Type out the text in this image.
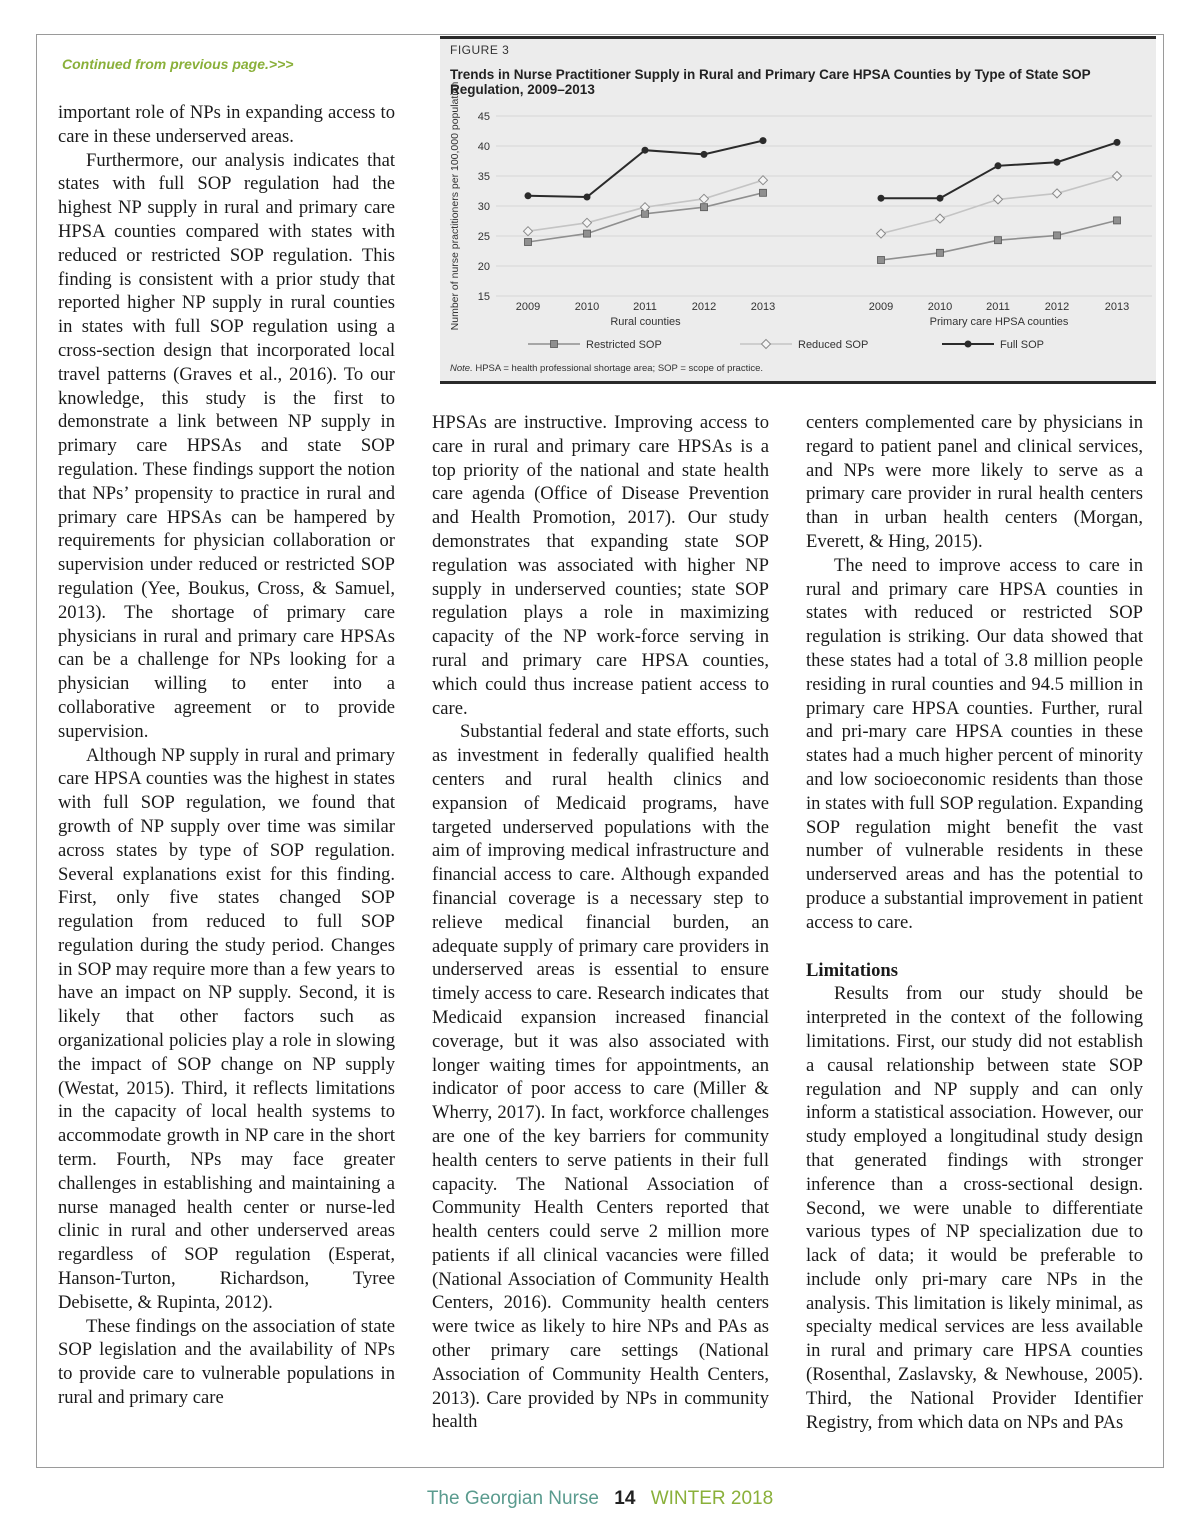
Continued from previous page.>>>

FIGURE 3
Trends in Nurse Practitioner Supply in Rural and Primary Care HPSA Counties by Type of State SOP Regulation, 2009–2013
15
20
25
30
35
40
45
Number of nurse practitioners per 100,000 population	2009	2010	2011	2012	2013
Rural counties
2009	2010	2011	2012	2013
Primary care HPSA counties
Restricted SOP	Reduced SOP	Full SOP
Note. HPSA = health professional shortage area; SOP = scope of practice.

important role of NPs in expanding access to care in these underserved areas.

Furthermore, our analysis indicates that states with full SOP regulation had the highest NP supply in rural and primary care HPSA counties compared with states with reduced or restricted SOP regulation. This finding is consistent with a prior study that reported higher NP supply in rural counties in states with full SOP regulation using a cross-section design that incorporated local travel patterns (Graves et al., 2016). To our knowledge, this study is the first to demonstrate a link between NP supply in primary care HPSAs and state SOP regulation. These findings support the notion that NPs’ propensity to practice in rural and primary care HPSAs can be hampered by requirements for physician collaboration or supervision under reduced or restricted SOP regulation (Yee, Boukus, Cross, & Samuel, 2013). The shortage of primary care physicians in rural and primary care HPSAs can be a challenge for NPs looking for a physician willing to enter into a collaborative agreement or to provide supervision.

Although NP supply in rural and primary care HPSA counties was the highest in states with full SOP regulation, we found that growth of NP supply over time was similar across states by type of SOP regulation. Several explanations exist for this finding. First, only five states changed SOP regulation from reduced to full SOP regulation during the study period. Changes in SOP may require more than a few years to have an impact on NP supply. Second, it is likely that other factors such as organizational policies play a role in slowing the impact of SOP change on NP supply (Westat, 2015). Third, it reflects limitations in the capacity of local health systems to accommodate growth in NP care in the short term. Fourth, NPs may face greater challenges in establishing and maintaining a nurse managed health center or nurse-led clinic in rural and other underserved areas regardless of SOP regulation (Esperat, Hanson-Turton, Richardson, Tyree Debisette, & Rupinta, 2012).

These findings on the association of state SOP legislation and the availability of NPs to provide care to vulnerable populations in rural and primary care

HPSAs are instructive. Improving access to care in rural and primary care HPSAs is a top priority of the national and state health care agenda (Office of Disease Prevention and Health Promotion, 2017). Our study demonstrates that expanding state SOP regulation was associated with higher NP supply in underserved counties; state SOP regulation plays a role in maximizing capacity of the NP work-force serving in rural and primary care HPSA counties, which could thus increase patient access to care.

Substantial federal and state efforts, such as investment in federally qualified health centers and rural health clinics and expansion of Medicaid programs, have targeted underserved populations with the aim of improving medical infrastructure and financial access to care. Although expanded financial coverage is a necessary step to relieve medical financial burden, an adequate supply of primary care providers in underserved areas is essential to ensure timely access to care. Research indicates that Medicaid expansion increased financial coverage, but it was also associated with longer waiting times for appointments, an indicator of poor access to care (Miller & Wherry, 2017). In fact, workforce challenges are one of the key barriers for community health centers to serve patients in their full capacity. The National Association of Community Health Centers reported that health centers could serve 2 million more patients if all clinical vacancies were filled (National Association of Community Health Centers, 2016). Community health centers were twice as likely to hire NPs and PAs as other primary care settings (National Association of Community Health Centers, 2013). Care provided by NPs in community health

centers complemented care by physicians in regard to patient panel and clinical services, and NPs were more likely to serve as a primary care provider in rural health centers than in urban health centers (Morgan, Everett, & Hing, 2015).

The need to improve access to care in rural and primary care HPSA counties in states with reduced or restricted SOP regulation is striking. Our data showed that these states had a total of 3.8 million people residing in rural counties and 94.5 million in primary care HPSA counties. Further, rural and pri-mary care HPSA counties in these states had a much higher percent of minority and low socioeconomic residents than those in states with full SOP regulation. Expanding SOP regulation might benefit the vast number of vulnerable residents in these underserved areas and has the potential to produce a substantial improvement in patient access to care.

Limitations

Results from our study should be interpreted in the context of the following limitations. First, our study did not establish a causal relationship between state SOP regulation and NP supply and can only inform a statistical association. However, our study employed a longitudinal study design that generated findings with stronger inference than a cross-sectional design. Second, we were unable to differentiate various types of NP specialization due to lack of data; it would be preferable to include only pri-mary care NPs in the analysis. This limitation is likely minimal, as specialty medical services are less available in rural and primary care HPSA counties (Rosenthal, Zaslavsky, & Newhouse, 2005). Third, the National Provider Identifier Registry, from which data on NPs and PAs

The Georgian Nurse 14 WINTER 2018
